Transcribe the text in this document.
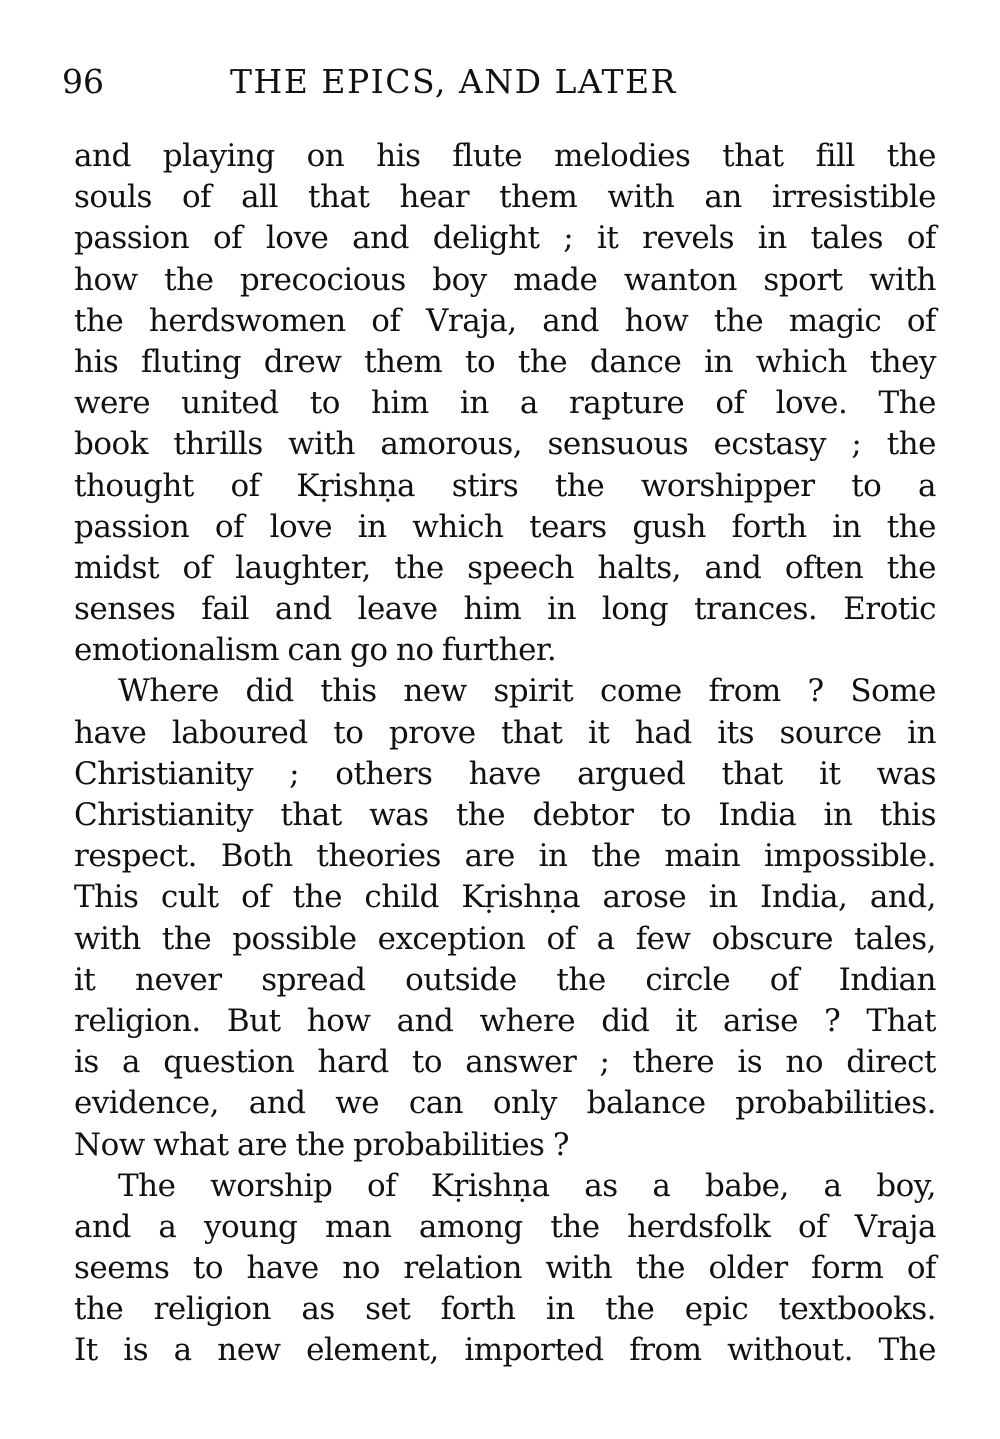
96	THE EPICS, AND LATER
and playing on his flute melodies that fill the
souls of all that hear them with an irresistible
passion of love and delight ; it revels in tales of
how the precocious boy made wanton sport with
the herdswomen of Vraja, and how the magic of
his fluting drew them to the dance in which they
were united to him in a rapture of love. The
book thrills with amorous, sensuous ecstasy ; the
thought of Kṛishṇa stirs the worshipper to a
passion of love in which tears gush forth in the
midst of laughter, the speech halts, and often the
senses fail and leave him in long trances. Erotic
emotionalism can go no further.
Where did this new spirit come from ? Some
have laboured to prove that it had its source in
Christianity ; others have argued that it was
Christianity that was the debtor to India in this
respect. Both theories are in the main impossible.
This cult of the child Kṛishṇa arose in India, and,
with the possible exception of a few obscure tales,
it never spread outside the circle of Indian
religion. But how and where did it arise ? That
is a question hard to answer ; there is no direct
evidence, and we can only balance probabilities.
Now what are the probabilities ?
The worship of Kṛishṇa as a babe, a boy,
and a young man among the herdsfolk of Vraja
seems to have no relation with the older form of
the religion as set forth in the epic textbooks.
It is a new element, imported from without. The
